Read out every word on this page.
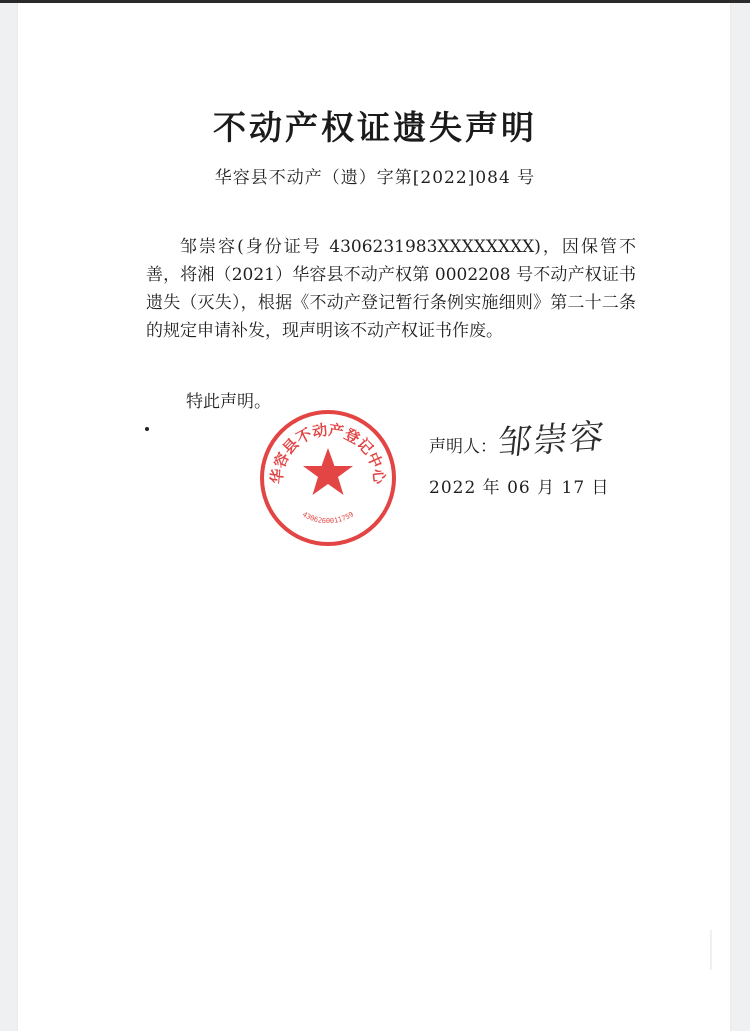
不动产权证遗失声明
华容县不动产（遗）字第[2022]084 号

邹崇容(身份证号 4306231983XXXXXXXX)，因保管不善，将湘（2021）华容县不动产权第 0002208 号不动产权证书遗失（灭失），根据《不动产登记暂行条例实施细则》第二十二条的规定申请补发，现声明该不动产权证书作废。

特此声明。
华容县不动产登记中心
4306260011759
声明人：
邹崇容
2022 年 06 月 17 日
